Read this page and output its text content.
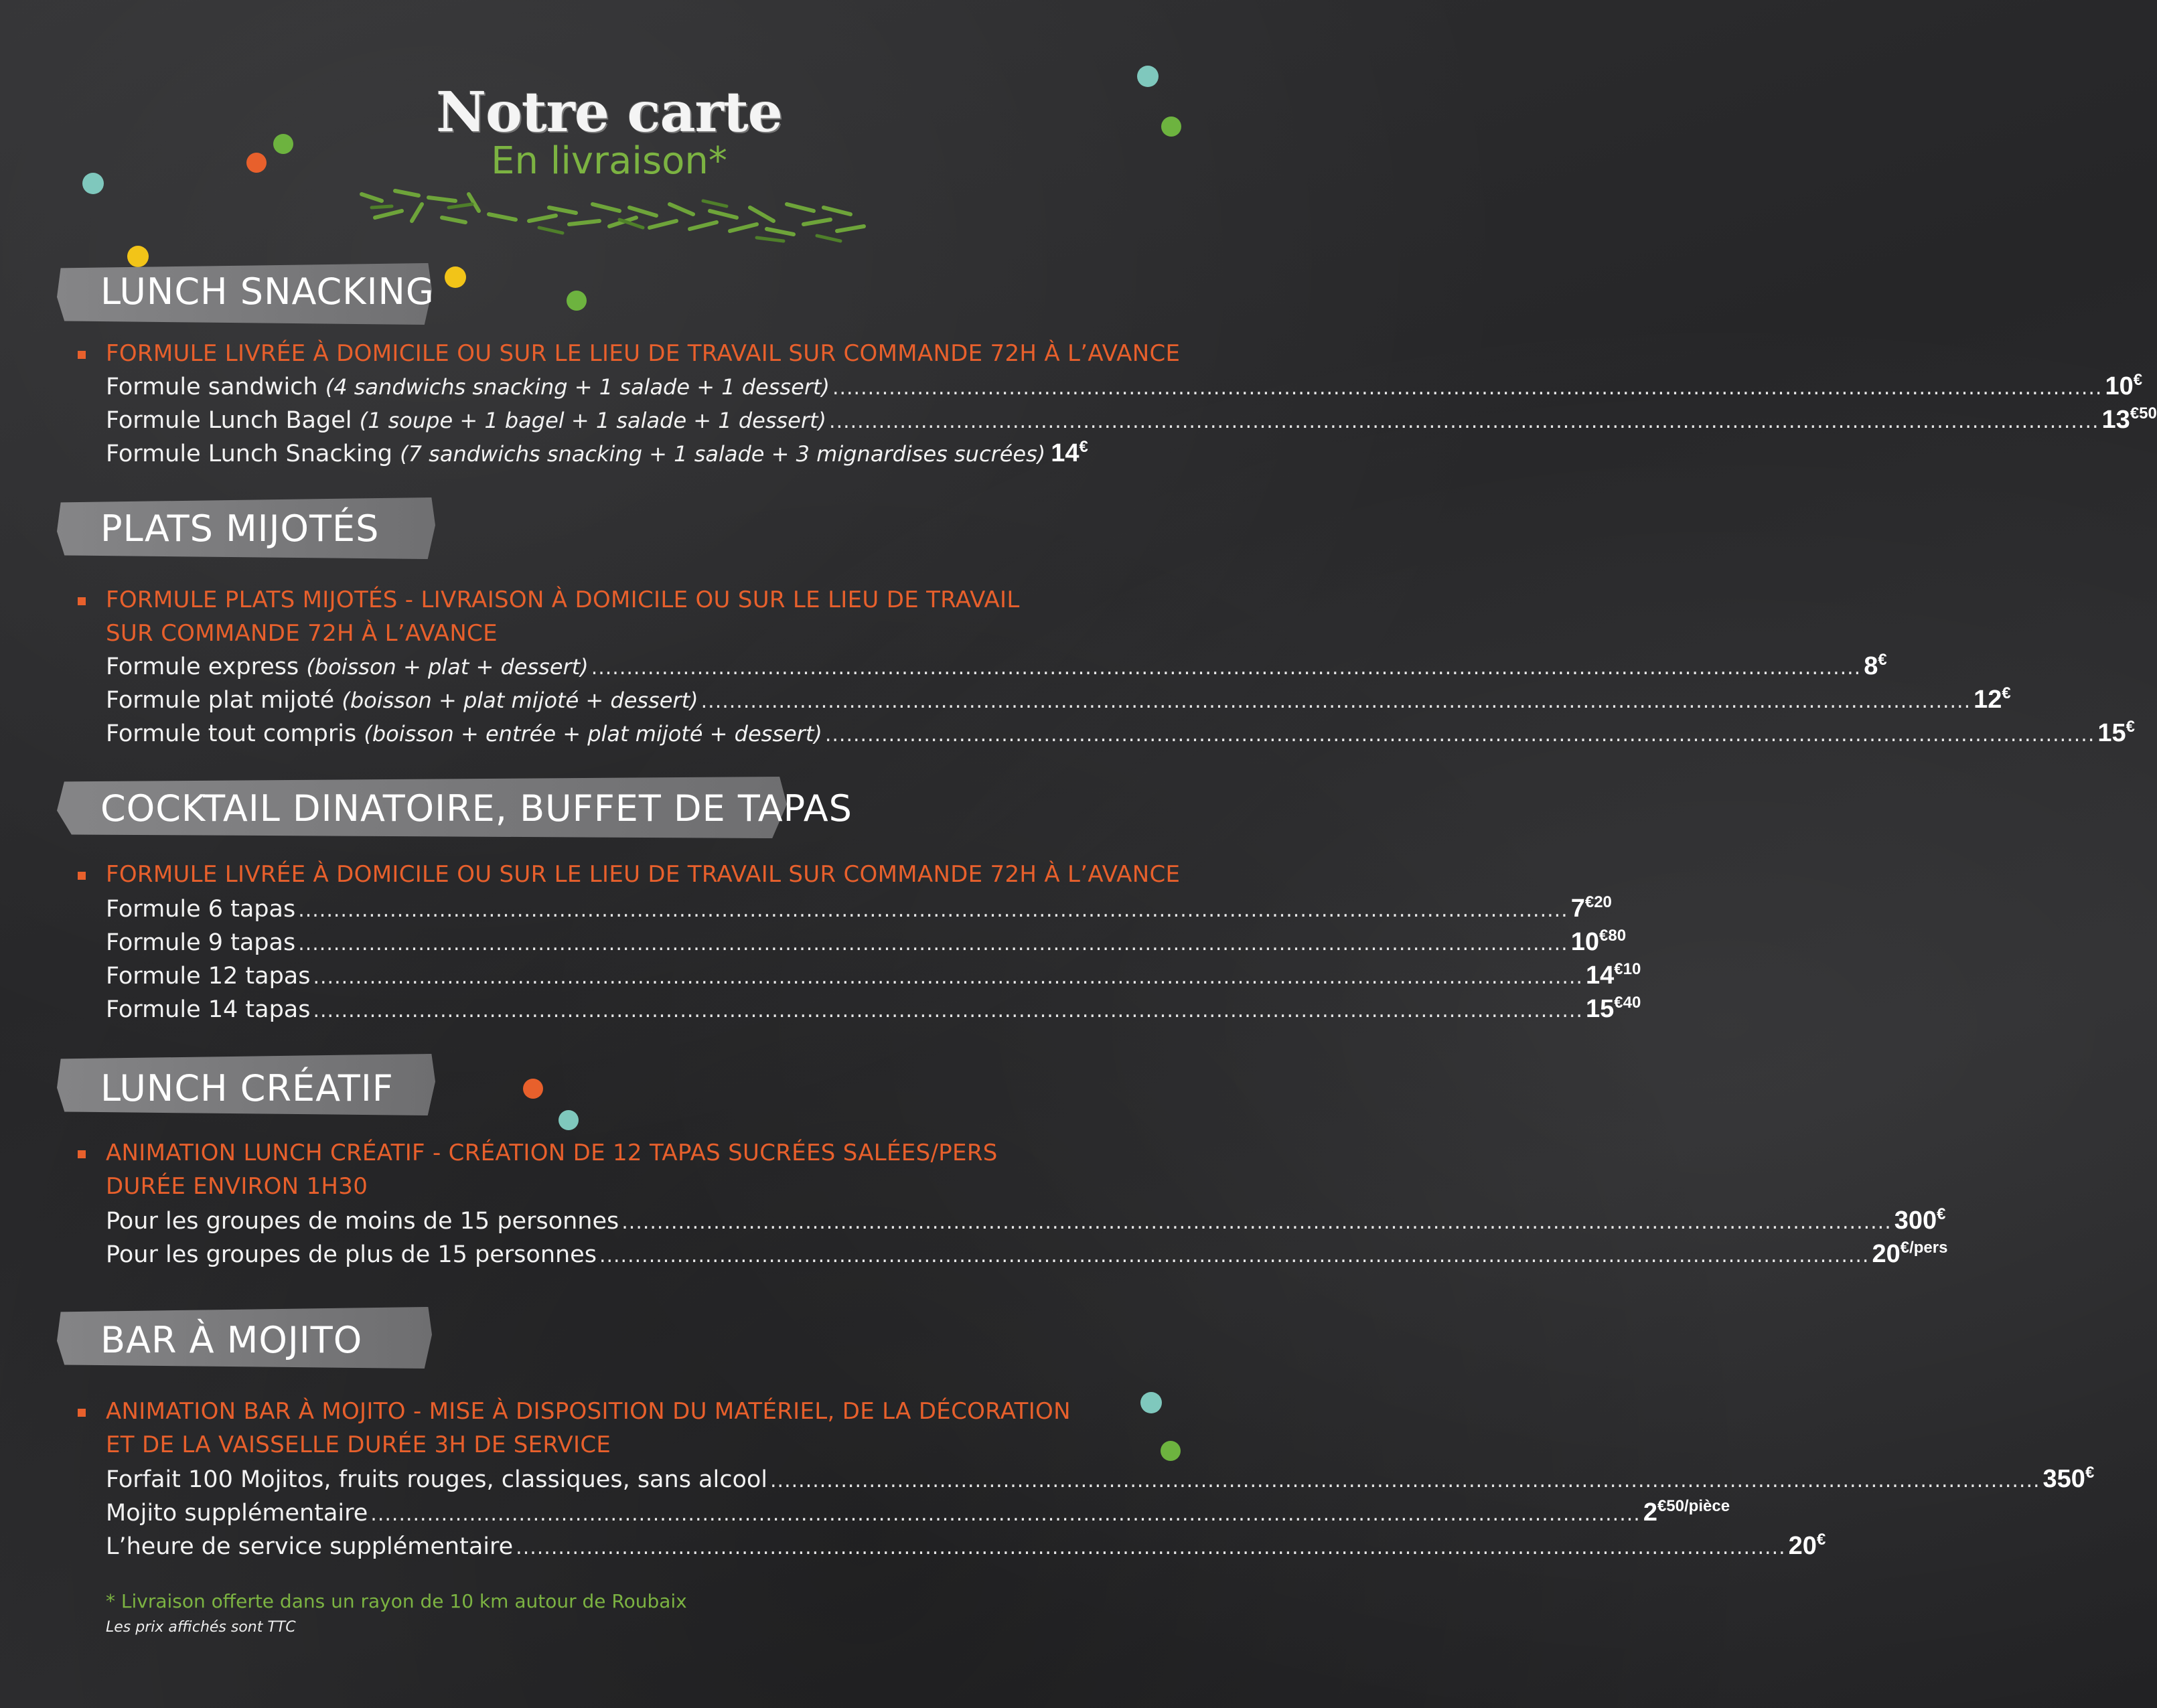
Notre carte
En livraison*
LUNCH SNACKING
FORMULE LIVRÉE À DOMICILE OU SUR LE LIEU DE TRAVAIL SUR COMMANDE 72H À L’AVANCE
Formule sandwich (4 sandwichs snacking + 1 salade + 1 dessert) .................................................................................................................................................................................... 10€
Formule Lunch Bagel (1 soupe + 1 bagel + 1 salade + 1 dessert) .................................................................................................................................................................................... $13^{€50}$
Formule Lunch Snacking (7 sandwichs snacking + 1 salade + 3 mignardises sucrées) 14€
PLATS MIJOTÉS
FORMULE PLATS MIJOTÉS - LIVRAISON À DOMICILE OU SUR LE LIEU DE TRAVAIL
SUR COMMANDE 72H À L’AVANCE
Formule express (boisson + plat + dessert) .................................................................................................................................................................................... 8€
Formule plat mijoté (boisson + plat mijoté + dessert) .................................................................................................................................................................................... 12€
Formule tout compris (boisson + entrée + plat mijoté + dessert) .................................................................................................................................................................................... 15€
COCKTAIL DINATOIRE, BUFFET DE TAPAS
FORMULE LIVRÉE À DOMICILE OU SUR LE LIEU DE TRAVAIL SUR COMMANDE 72H À L’AVANCE
Formule 6 tapas .................................................................................................................................................................................... $7^{€20}$
Formule 9 tapas .................................................................................................................................................................................... $10^{€80}$
Formule 12 tapas .................................................................................................................................................................................... $14^{€10}$
Formule 14 tapas .................................................................................................................................................................................... $15^{€40}$
LUNCH CRÉATIF
ANIMATION LUNCH CRÉATIF - CRÉATION DE 12 TAPAS SUCRÉES SALÉES/PERS
DURÉE ENVIRON 1H30
Pour les groupes de moins de 15 personnes .................................................................................................................................................................................... 300€
Pour les groupes de plus de 15 personnes .................................................................................................................................................................................... $20^{€/pers}$
BAR À MOJITO
ANIMATION BAR À MOJITO - MISE À DISPOSITION DU MATÉRIEL, DE LA DÉCORATION
ET DE LA VAISSELLE DURÉE 3H DE SERVICE
Forfait 100 Mojitos, fruits rouges, classiques, sans alcool .................................................................................................................................................................................... 350€
Mojito supplémentaire .................................................................................................................................................................................... $2^{€50/pièce}$
L’heure de service supplémentaire .................................................................................................................................................................................... 20€
* Livraison offerte dans un rayon de 10 km autour de Roubaix
Les prix affichés sont TTC
